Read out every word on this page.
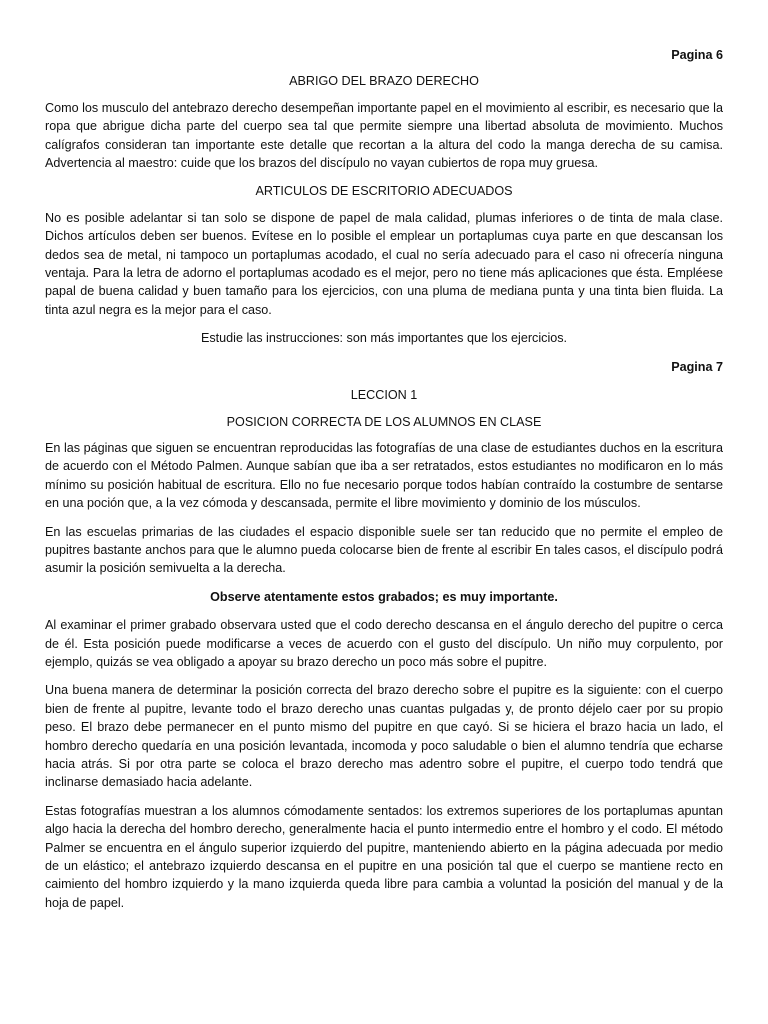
Pagina 6

ABRIGO DEL BRAZO DERECHO

Como los musculo del antebrazo derecho desempeñan importante papel en el movimiento al escribir, es necesario que la ropa que abrigue dicha parte del cuerpo sea tal que permite siempre una libertad absoluta de movimiento. Muchos calígrafos consideran tan importante este detalle que recortan a la altura del codo la manga derecha de su camisa. Advertencia al maestro: cuide que los brazos del discípulo no vayan cubiertos de ropa muy gruesa.

ARTICULOS DE ESCRITORIO ADECUADOS

No es posible adelantar si tan solo se dispone de papel de mala calidad, plumas inferiores o de tinta de mala clase. Dichos artículos deben ser buenos. Evítese en lo posible el emplear un portaplumas cuya parte en que descansan los dedos sea de metal, ni tampoco un portaplumas acodado, el cual no sería adecuado para el caso ni ofrecería ninguna ventaja. Para la letra de adorno el portaplumas acodado es el mejor, pero no tiene más aplicaciones que ésta. Empléese papal de buena calidad y buen tamaño para los ejercicios, con una pluma de mediana punta y una tinta bien fluida. La tinta azul negra es la mejor para el caso.

Estudie las instrucciones: son más importantes que los ejercicios.

Pagina 7

LECCION 1

POSICION CORRECTA DE LOS ALUMNOS EN CLASE

En las páginas que siguen se encuentran reproducidas las fotografías de una clase de estudiantes duchos en la escritura de acuerdo con el Método Palmen. Aunque sabían que iba a ser retratados, estos estudiantes no modificaron en lo más mínimo su posición habitual de escritura. Ello no fue necesario porque todos habían contraído la costumbre de sentarse en una poción que, a la vez cómoda y descansada, permite el libre movimiento y dominio de los músculos.

En las escuelas primarias de las ciudades el espacio disponible suele ser tan reducido que no permite el empleo de pupitres bastante anchos para que le alumno pueda colocarse bien de frente al escribir En tales casos, el discípulo podrá asumir la posición semivuelta a la derecha.

Observe atentamente estos grabados; es muy importante.

Al examinar el primer grabado observara usted que el codo derecho descansa en el ángulo derecho del pupitre o cerca de él. Esta posición puede modificarse a veces de acuerdo con el gusto del discípulo. Un niño muy corpulento, por ejemplo, quizás se vea obligado a apoyar su brazo derecho un poco más sobre el pupitre.

Una buena manera de determinar la posición correcta del brazo derecho sobre el pupitre es la siguiente: con el cuerpo bien de frente al pupitre, levante todo el brazo derecho unas cuantas pulgadas y, de pronto déjelo caer por su propio peso. El brazo debe permanecer en el punto mismo del pupitre en que cayó. Si se hiciera el brazo hacia un lado, el hombro derecho quedaría en una posición levantada, incomoda y poco saludable o bien el alumno tendría que echarse hacia atrás. Si por otra parte se coloca el brazo derecho mas adentro sobre el pupitre, el cuerpo todo tendrá que inclinarse demasiado hacia adelante.

Estas fotografías muestran a los alumnos cómodamente sentados: los extremos superiores de los portaplumas apuntan algo hacia la derecha del hombro derecho, generalmente hacia el punto intermedio entre el hombro y el codo. El método Palmer se encuentra en el ángulo superior izquierdo del pupitre, manteniendo abierto en la página adecuada por medio de un elástico; el antebrazo izquierdo descansa en el pupitre en una posición tal que el cuerpo se mantiene recto en caimiento del hombro izquierdo y la mano izquierda queda libre para cambia a voluntad la posición del manual y de la hoja de papel.
